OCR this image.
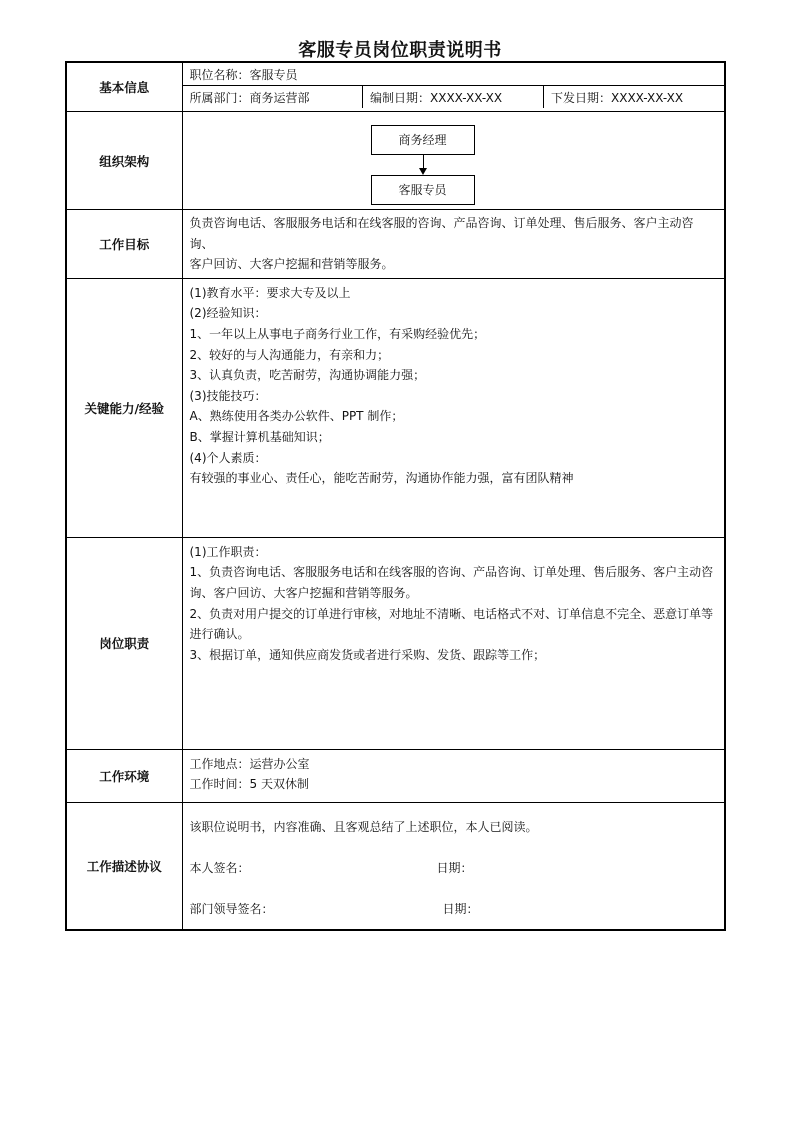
客服专员岗位职责说明书
基本信息	
职位名称：客服专员
所属部门：商务运营部	编制日期：XXXX-XX-XX	下发日期：XXXX-XX-XX

组织架构	
商务经理
客服专员

工作目标	
负责咨询电话、客服服务电话和在线客服的咨询、产品咨询、订单处理、售后服务、客户主动咨询、
客户回访、大客户挖掘和营销等服务。

关键能力/经验	
(1)教育水平：要求大专及以上
(2)经验知识：
1、一年以上从事电子商务行业工作，有采购经验优先；
2、较好的与人沟通能力，有亲和力；
3、认真负责，吃苦耐劳，沟通协调能力强；
(3)技能技巧：
A、熟练使用各类办公软件、PPT 制作；
B、掌握计算机基础知识；
(4)个人素质：
有较强的事业心、责任心，能吃苦耐劳，沟通协作能力强，富有团队精神

岗位职责	
(1)工作职责：
1、负责咨询电话、客服服务电话和在线客服的咨询、产品咨询、订单处理、售后服务、客户主动咨
询、客户回访、大客户挖掘和营销等服务。
2、负责对用户提交的订单进行审核，对地址不清晰、电话格式不对、订单信息不完全、恶意订单等
进行确认。
3、根据订单，通知供应商发货或者进行采购、发货、跟踪等工作；

工作环境	
工作地点：运营办公室
工作时间：5 天双休制

工作描述协议	
该职位说明书，内容准确、且客观总结了上述职位，本人已阅读。
本人签名：	日期：
部门领导签名：	日期：
